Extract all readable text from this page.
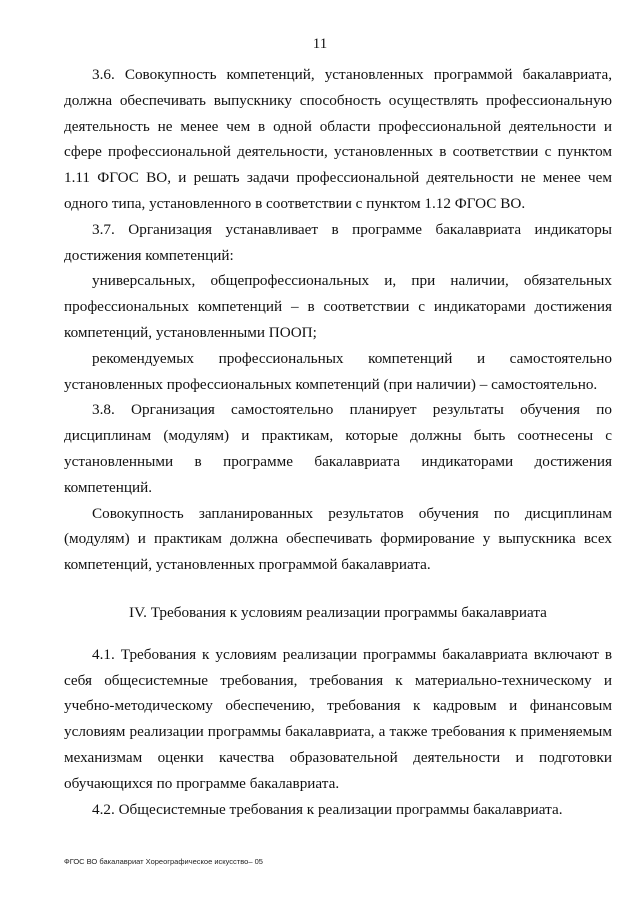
11

3.6. Совокупность компетенций, установленных программой бакалавриата, должна обеспечивать выпускнику способность осуществлять профессиональную деятельность не менее чем в одной области профессиональной деятельности и сфере профессиональной деятельности, установленных в соответствии с пунктом 1.11 ФГОС ВО, и решать задачи профессиональной деятельности не менее чем одного типа, установленного в соответствии с пунктом 1.12 ФГОС ВО.

3.7. Организация устанавливает в программе бакалавриата индикаторы достижения компетенций:

универсальных, общепрофессиональных и, при наличии, обязательных профессиональных компетенций – в соответствии с индикаторами достижения компетенций, установленными ПООП;

рекомендуемых профессиональных компетенций и самостоятельно установленных профессиональных компетенций (при наличии) – самостоятельно.

3.8. Организация самостоятельно планирует результаты обучения по дисциплинам (модулям) и практикам, которые должны быть соотнесены с установленными в программе бакалавриата индикаторами достижения компетенций.

Совокупность запланированных результатов обучения по дисциплинам (модулям) и практикам должна обеспечивать формирование у выпускника всех компетенций, установленных программой бакалавриата.

IV. Требования к условиям реализации программы бакалавриата

4.1. Требования к условиям реализации программы бакалавриата включают в себя общесистемные требования, требования к материально-техническому и учебно-методическому обеспечению, требования к кадровым и финансовым условиям реализации программы бакалавриата, а также требования к применяемым механизмам оценки качества образовательной деятельности и подготовки обучающихся по программе бакалавриата.

4.2. Общесистемные требования к реализации программы бакалавриата.

ФГОС ВО бакалавриат Хореографическое искусство– 05
